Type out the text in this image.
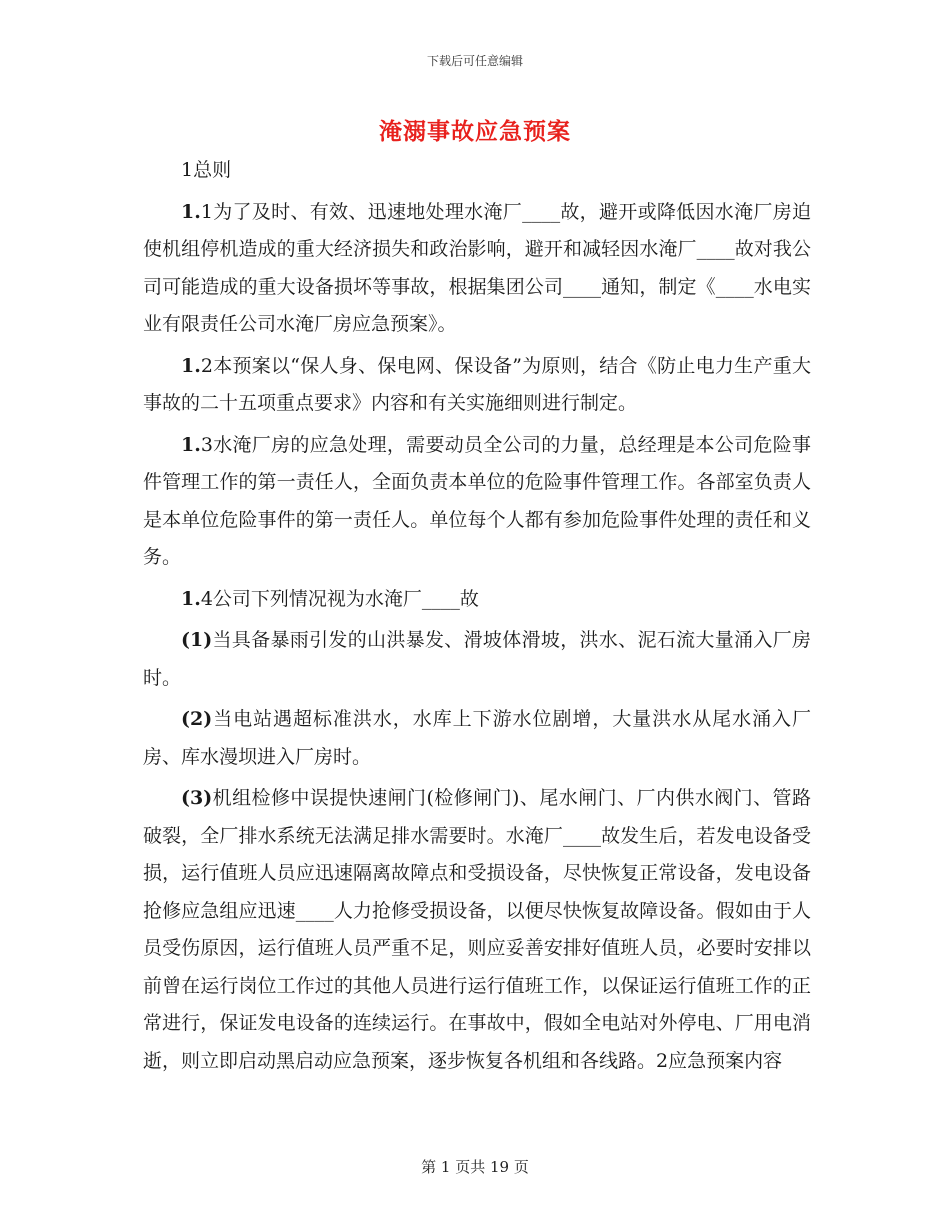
下载后可任意编辑
淹溺事故应急预案

1总则

1.1为了及时、有效、迅速地处理水淹厂____故，避开或降低因水淹厂房迫使机组停机造成的重大经济损失和政治影响，避开和减轻因水淹厂____故对我公司可能造成的重大设备损坏等事故，根据集团公司____通知，制定《____水电实业有限责任公司水淹厂房应急预案》。

1.2本预案以“保人身、保电网、保设备”为原则，结合《防止电力生产重大事故的二十五项重点要求》内容和有关实施细则进行制定。

1.3水淹厂房的应急处理，需要动员全公司的力量，总经理是本公司危险事件管理工作的第一责任人，全面负责本单位的危险事件管理工作。各部室负责人是本单位危险事件的第一责任人。单位每个人都有参加危险事件处理的责任和义务。

1.4公司下列情况视为水淹厂____故

(1)当具备暴雨引发的山洪暴发、滑坡体滑坡，洪水、泥石流大量涌入厂房时。

(2)当电站遇超标准洪水，水库上下游水位剧增，大量洪水从尾水涌入厂房、库水漫坝进入厂房时。

(3)机组检修中误提快速闸门(检修闸门)、尾水闸门、厂内供水阀门、管路破裂，全厂排水系统无法满足排水需要时。水淹厂____故发生后，若发电设备受损，运行值班人员应迅速隔离故障点和受损设备，尽快恢复正常设备，发电设备抢修应急组应迅速____人力抢修受损设备，以便尽快恢复故障设备。假如由于人员受伤原因，运行值班人员严重不足，则应妥善安排好值班人员，必要时安排以前曾在运行岗位工作过的其他人员进行运行值班工作，以保证运行值班工作的正常进行，保证发电设备的连续运行。在事故中，假如全电站对外停电、厂用电消逝，则立即启动黑启动应急预案，逐步恢复各机组和各线路。2应急预案内容

第 1 页共 19 页
